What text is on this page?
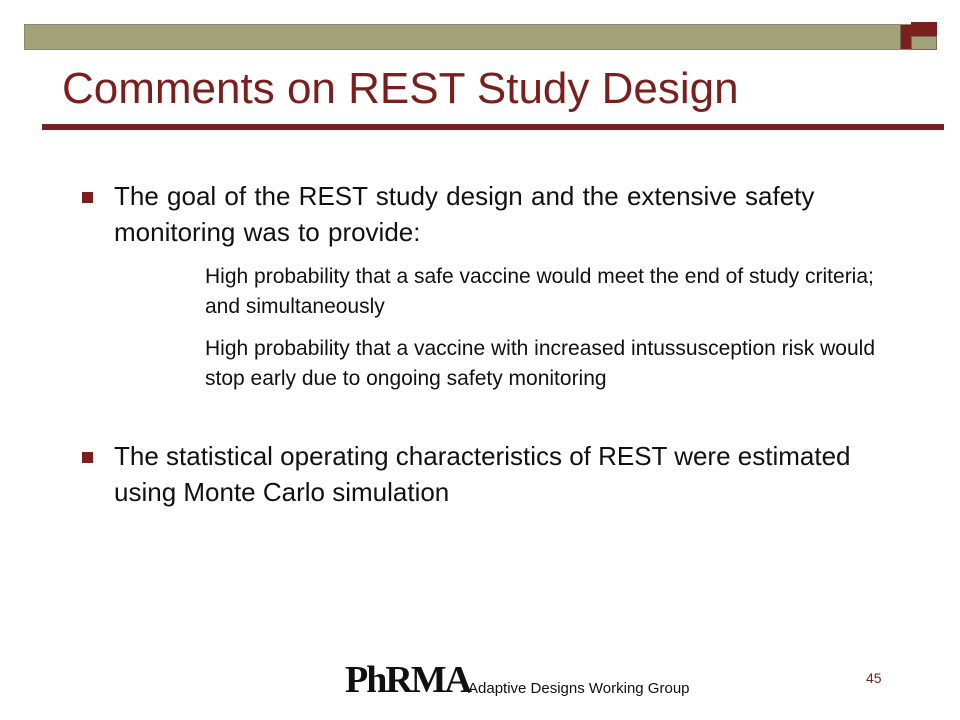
Comments on REST Study Design
The goal of the REST study design and the extensive safety monitoring was to provide:
High probability that a safe vaccine would meet the end of study criteria; and simultaneously
High probability that a vaccine with increased intussusception risk would stop early due to ongoing safety monitoring
The statistical operating characteristics of REST were estimated using Monte Carlo simulation
PhRMA
Adaptive Designs Working Group
45
